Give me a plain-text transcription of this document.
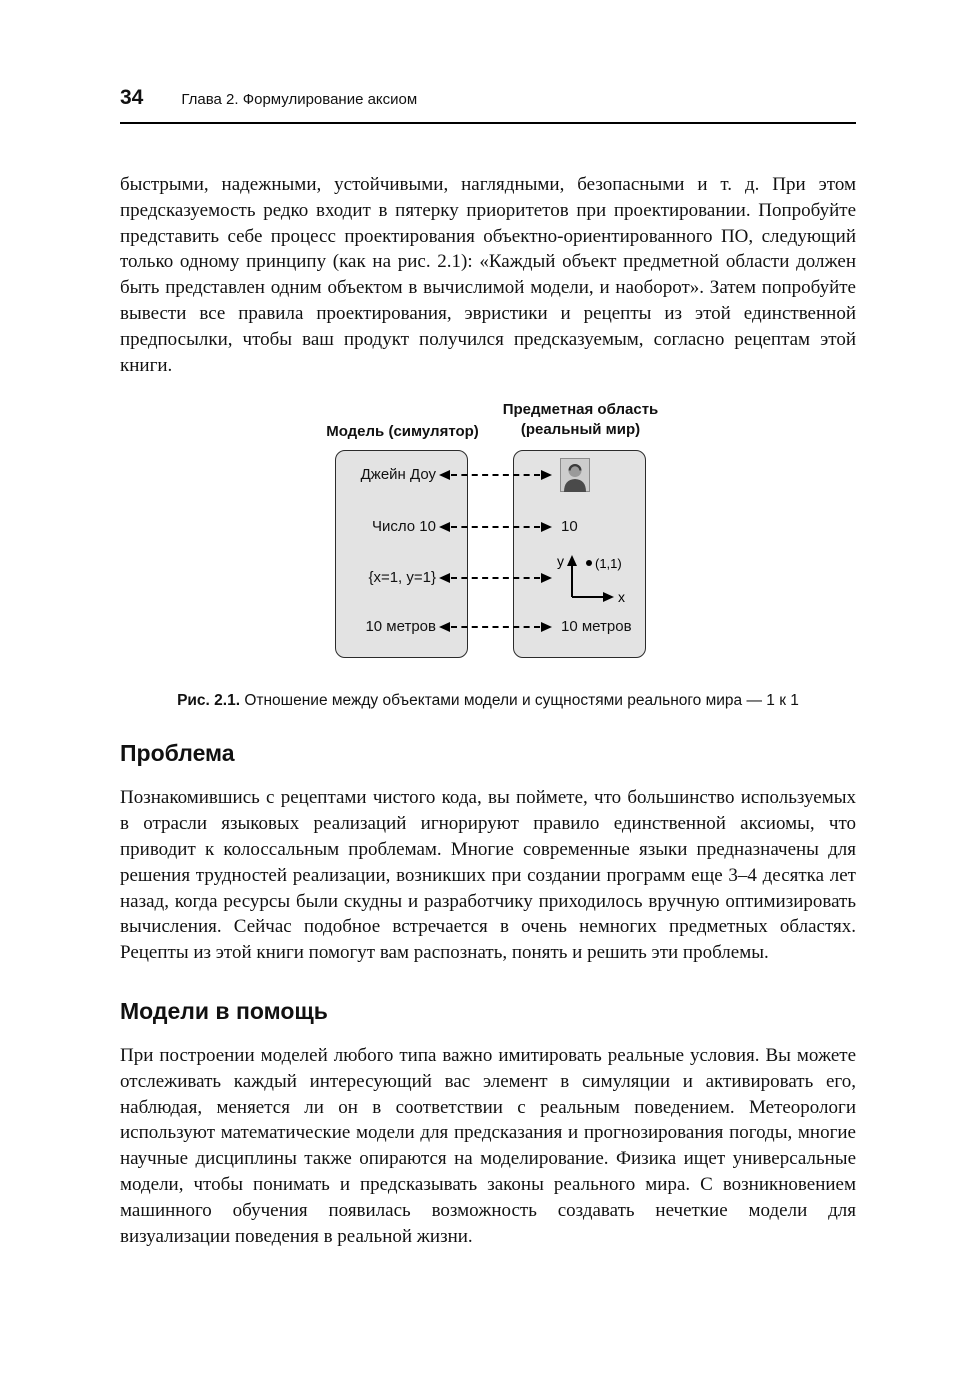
34	Глава 2. Формулирование аксиом

быстрыми, надежными, устойчивыми, наглядными, безопасными и т. д. При этом предсказуемость редко входит в пятерку приоритетов при проектировании. Попробуйте представить себе процесс проектирования объектно-ориентированного ПО, следующий только одному принципу (как на рис. 2.1): «Каждый объект предметной области должен быть представлен одним объектом в вычислимой модели, и наоборот». Затем попробуйте вывести все правила проектирования, эвристики и рецепты из этой единственной предпосылки, чтобы ваш продукт получился предсказуемым, согласно рецептам этой книги.

Модель (симулятор)
Предметная область
(реальный мир)
Джейн Доу
Число 10	10
{x=1, y=1}
y
x
(1,1)
10 метров	10 метров
Рис. 2.1. Отношение между объектами модели и сущностями реального мира — 1 к 1
Проблема

Познакомившись с рецептами чистого кода, вы поймете, что большинство используемых в отрасли языковых реализаций игнорируют правило единственной аксиомы, что приводит к колоссальным проблемам. Многие современные языки предназначены для решения трудностей реализации, возникших при создании программ еще 3–4 десятка лет назад, когда ресурсы были скудны и разработчику приходилось вручную оптимизировать вычисления. Сейчас подобное встречается в очень немногих предметных областях. Рецепты из этой книги помогут вам распознать, понять и решить эти проблемы.

Модели в помощь

При построении моделей любого типа важно имитировать реальные условия. Вы можете отслеживать каждый интересующий вас элемент в симуляции и активировать его, наблюдая, меняется ли он в соответствии с реальным поведением. Метеорологи используют математические модели для предсказания и прогнозирования погоды, многие научные дисциплины также опираются на моделирование. Физика ищет универсальные модели, чтобы понимать и предсказывать законы реального мира. С возникновением машинного обучения появилась возможность создавать нечеткие модели для визуализации поведения в реальной жизни.
